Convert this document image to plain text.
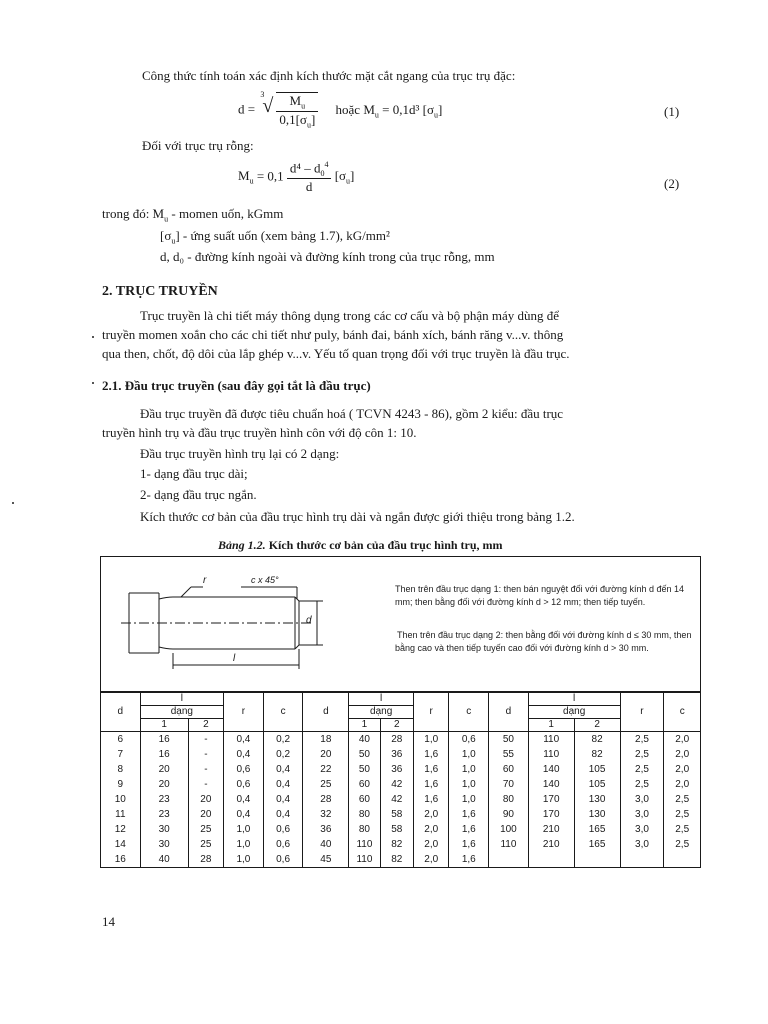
Công thức tính toán xác định kích thước mặt cắt ngang của trục trụ đặc:
d =
3
√ $\frac{M_u}{0,1[\sigma_u]}$ hoặc $M_u = 0,1d^3$ $[\sigma_u]$	(1)
Đối với trục trụ rỗng:
$M_u = 0,1 \frac{d^4 - d_0^4}{d} [\sigma_u]$
(2)
trong đó: $M_u$ - momen uốn, kGmm
$[\sigma_u]$ - ứng suất uốn (xem bảng 1.7), kG/mm²
d, d₀ - đường kính ngoài và đường kính trong của trục rỗng, mm
2. TRỤC TRUYỀN
Trục truyền là chi tiết máy thông dụng trong các cơ cấu và bộ phận máy dùng để
truyền momen xoắn cho các chi tiết như puly, bánh đai, bánh xích, bánh răng v...v. thông
qua then, chốt, độ dôi của lắp ghép v...v. Yếu tố quan trọng đối với trục truyền là đầu trục.
2.1. Đầu trục truyền (sau đây gọi tắt là đầu trục)
Đầu trục truyền đã được tiêu chuẩn hoá ( TCVN 4243 - 86), gồm 2 kiểu: đầu trục
truyền hình trụ và đầu trục truyền hình côn với độ côn 1: 10.
Đầu trục truyền hình trụ lại có 2 dạng:
1- dạng đầu trục dài;
2- dạng đầu trục ngắn.
Kích thước cơ bản của đầu trục hình trụ dài và ngắn được giới thiệu trong bảng 1.2.
Bảng 1.2. Kích thước cơ bản của đầu trục hình trụ, mm
r	c x 45°
d
l
Then trên đầu trục dạng 1: then bán nguyệt đối với đường kính d đến 14 mm; then bằng đối với đường kính d > 12 mm; then tiếp tuyến.
Then trên đầu trục dạng 2: then bằng đối với đường kính d ≤ 30 mm, then bằng cao và then tiếp tuyến cao đối với đường kính d > 30 mm.
d	l		r	c	d	l		r	c	d	l		r	c
	dạng					dạng					dạng			
	1	2				1	2				1	2		
6	16	-	0,4	0,2	18	40	28	1,0	0,6	50	110	82	2,5	2,0
7	16	-	0,4	0,2	20	50	36	1,6	1,0	55	110	82	2,5	2,0
8	20	-	0,6	0,4	22	50	36	1,6	1,0	60	140	105	2,5	2,0
9	20	-	0,6	0,4	25	60	42	1,6	1,0	70	140	105	2,5	2,0
10	23	20	0,4	0,4	28	60	42	1,6	1,0	80	170	130	3,0	2,5
11	23	20	0,4	0,4	32	80	58	2,0	1,6	90	170	130	3,0	2,5
12	30	25	1,0	0,6	36	80	58	2,0	1,6	100	210	165	3,0	2,5
14	30	25	1,0	0,6	40	110	82	2,0	1,6	110	210	165	3,0	2,5
16	40	28	1,0	0,6	45	110	82	2,0	1,6					
14
